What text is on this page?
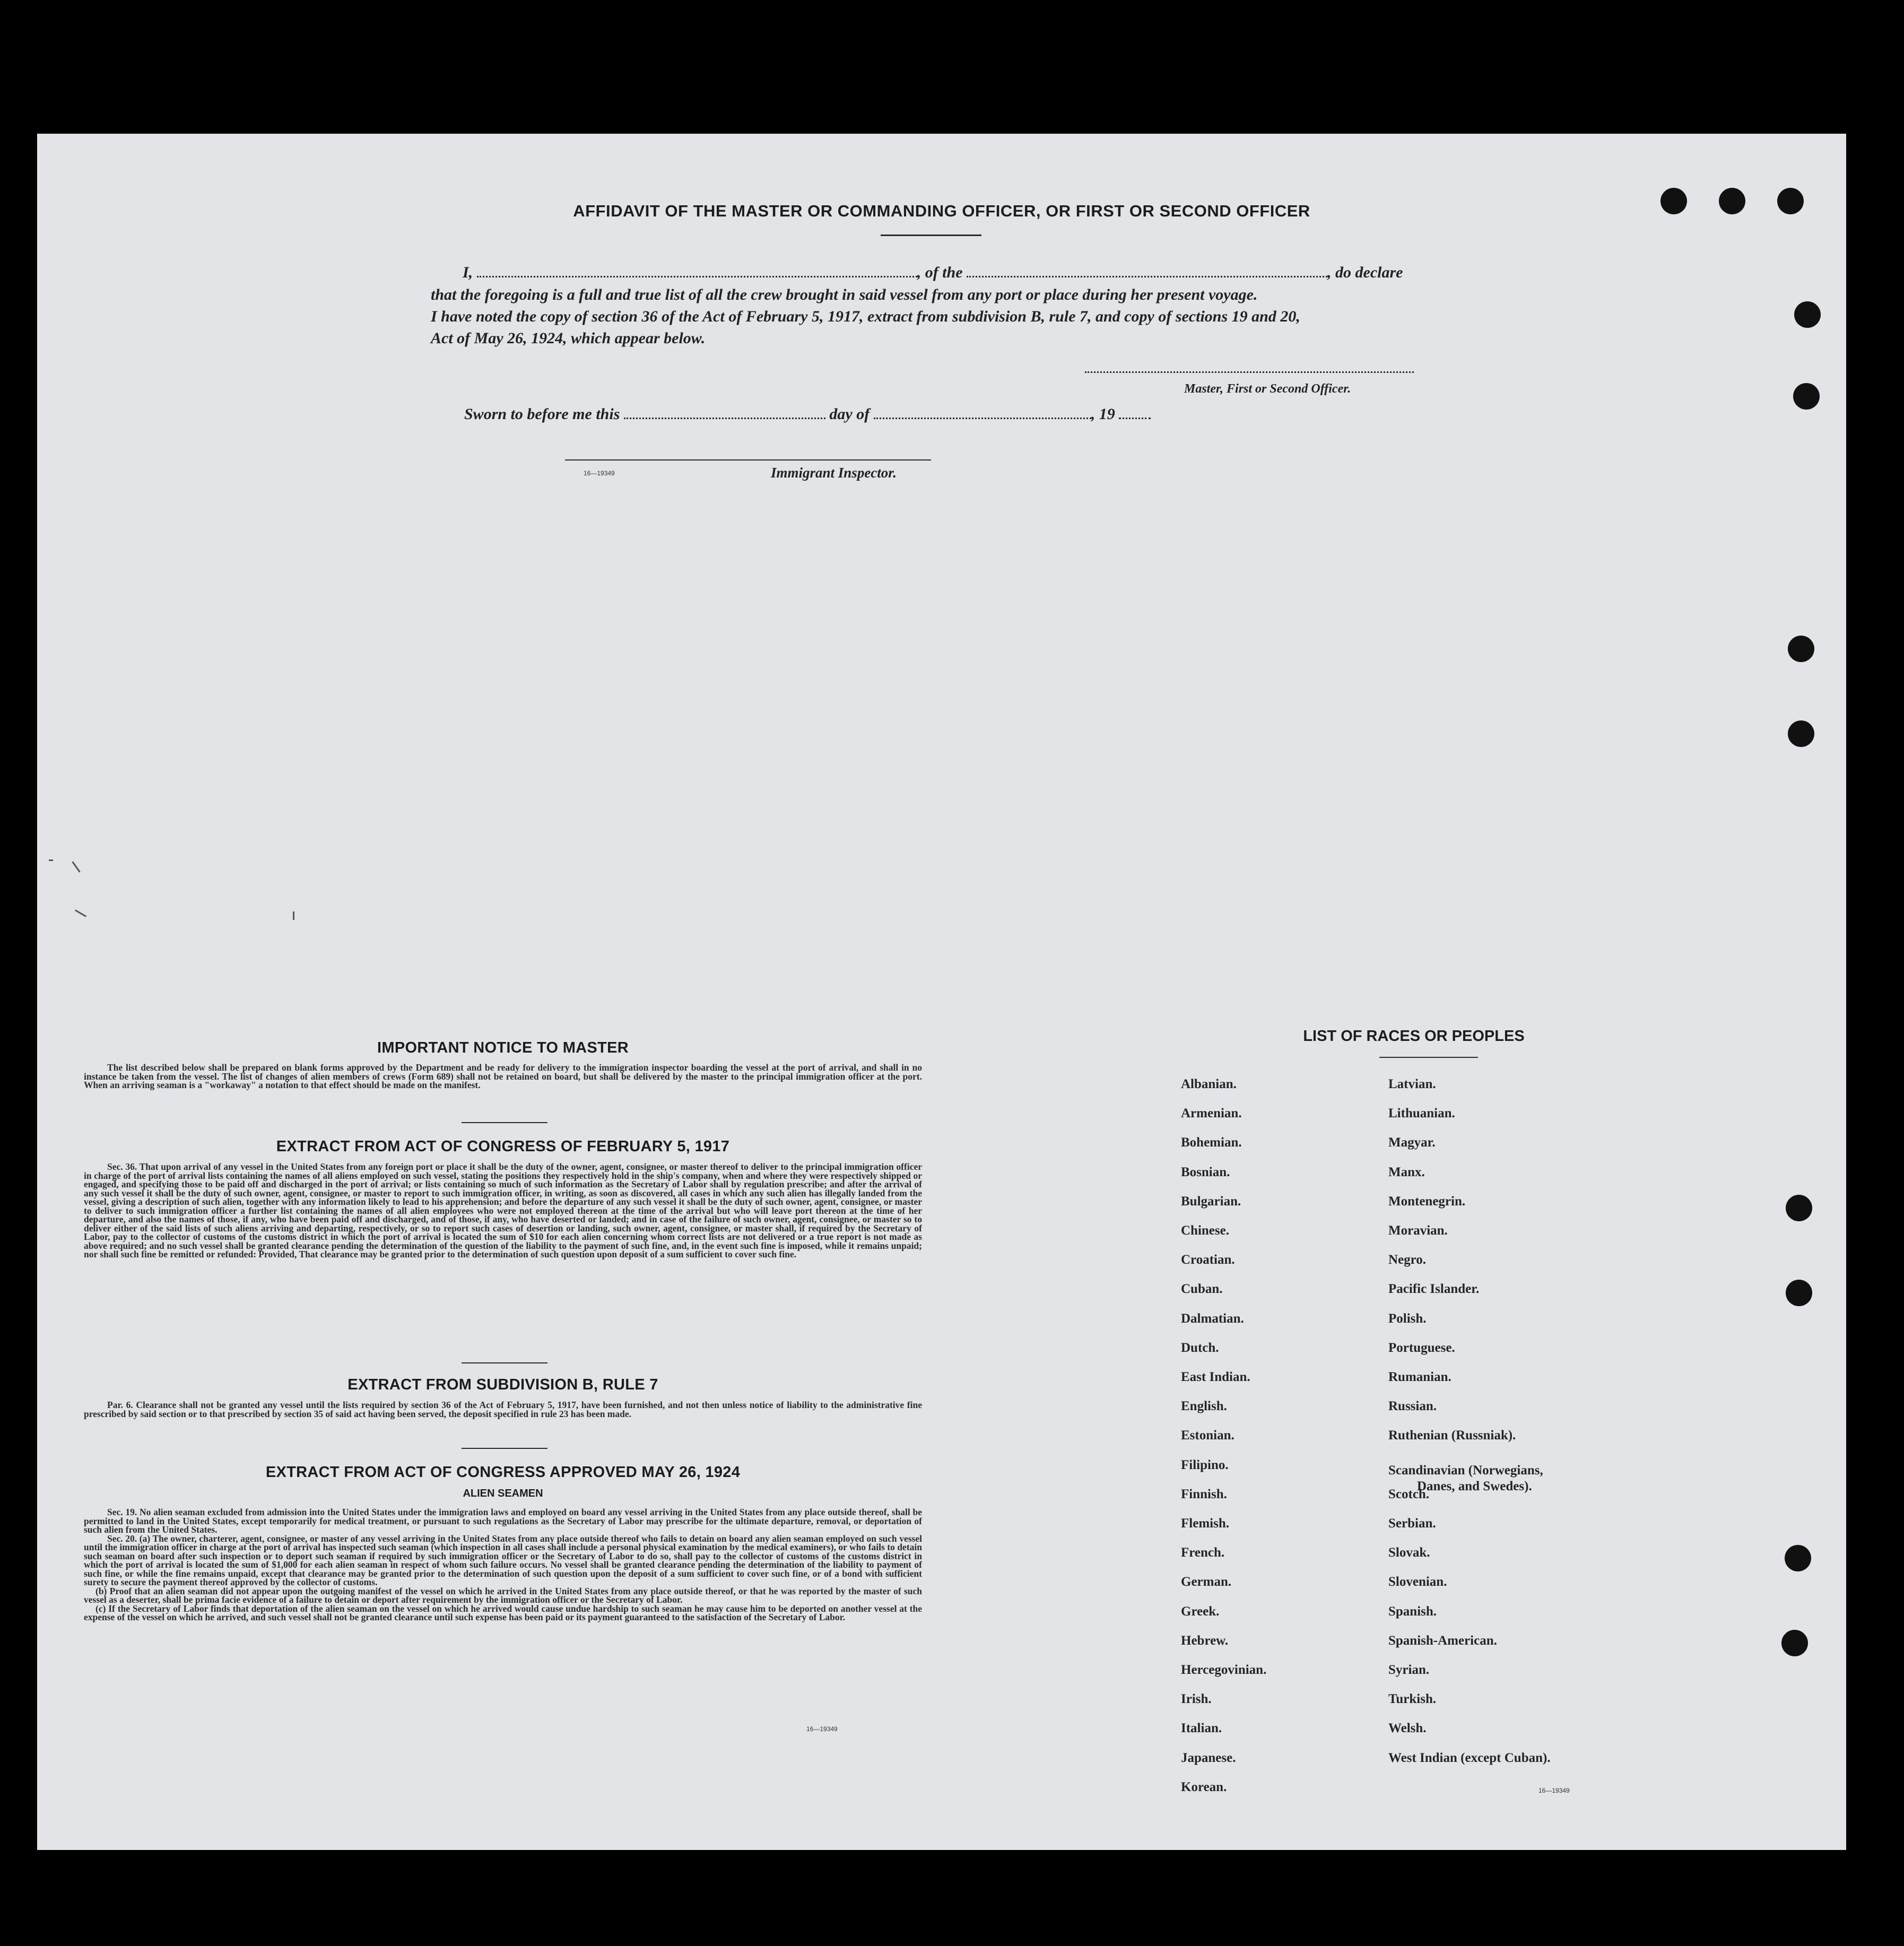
AFFIDAVIT OF THE MASTER OR COMMANDING OFFICER, OR FIRST OR SECOND OFFICER
I,	, of the	, do declare
that the foregoing is a full and true list of all the crew brought in said vessel from any port or place during her present voyage.
I have noted the copy of section 36 of the Act of February 5, 1917, extract from subdivision B, rule 7, and copy of sections 19 and 20,
Act of May 26, 1924, which appear below.
Master, First or Second Officer.
Sworn to before me this	day of	, 19
16—19349	Immigrant Inspector.
IMPORTANT NOTICE TO MASTER
The list described below shall be prepared on blank forms approved by the Department and be ready for delivery to the immigration inspector boarding the vessel at the port of arrival, and shall in no instance be taken from the vessel. The list of changes of alien members of crews (Form 689) shall not be retained on board, but shall be delivered by the master to the principal immigration officer at the port. When an arriving seaman is a "workaway" a notation to that effect should be made on the manifest.
EXTRACT FROM ACT OF CONGRESS OF FEBRUARY 5, 1917
Sec. 36. That upon arrival of any vessel in the United States from any foreign port or place it shall be the duty of the owner, agent, consignee, or master thereof to deliver to the principal immigration officer in charge of the port of arrival lists containing the names of all aliens employed on such vessel, stating the positions they respectively hold in the ship's company, when and where they were respectively shipped or engaged, and specifying those to be paid off and discharged in the port of arrival; or lists containing so much of such information as the Secretary of Labor shall by regulation prescribe; and after the arrival of any such vessel it shall be the duty of such owner, agent, consignee, or master to report to such immigration officer, in writing, as soon as discovered, all cases in which any such alien has illegally landed from the vessel, giving a description of such alien, together with any information likely to lead to his apprehension; and before the departure of any such vessel it shall be the duty of such owner, agent, consignee, or master to deliver to such immigration officer a further list containing the names of all alien employees who were not employed thereon at the time of the arrival but who will leave port thereon at the time of her departure, and also the names of those, if any, who have been paid off and discharged, and of those, if any, who have deserted or landed; and in case of the failure of such owner, agent, consignee, or master so to deliver either of the said lists of such aliens arriving and departing, respectively, or so to report such cases of desertion or landing, such owner, agent, consignee, or master shall, if required by the Secretary of Labor, pay to the collector of customs of the customs district in which the port of arrival is located the sum of $10 for each alien concerning whom correct lists are not delivered or a true report is not made as above required; and no such vessel shall be granted clearance pending the determination of the question of the liability to the payment of such fine, and, in the event such fine is imposed, while it remains unpaid; nor shall such fine be remitted or refunded: Provided, That clearance may be granted prior to the determination of such question upon deposit of a sum sufficient to cover such fine.
EXTRACT FROM SUBDIVISION B, RULE 7
Par. 6. Clearance shall not be granted any vessel until the lists required by section 36 of the Act of February 5, 1917, have been furnished, and not then unless notice of liability to the administrative fine prescribed by said section or to that prescribed by section 35 of said act having been served, the deposit specified in rule 23 has been made.
EXTRACT FROM ACT OF CONGRESS APPROVED MAY 26, 1924
ALIEN SEAMEN
Sec. 19. No alien seaman excluded from admission into the United States under the immigration laws and employed on board any vessel arriving in the United States from any place outside thereof, shall be permitted to land in the United States, except temporarily for medical treatment, or pursuant to such regulations as the Secretary of Labor may prescribe for the ultimate departure, removal, or deportation of such alien from the United States.
Sec. 20. (a) The owner, charterer, agent, consignee, or master of any vessel arriving in the United States from any place outside thereof who fails to detain on board any alien seaman employed on such vessel until the immigration officer in charge at the port of arrival has inspected such seaman (which inspection in all cases shall include a personal physical examination by the medical examiners), or who fails to detain such seaman on board after such inspection or to deport such seaman if required by such immigration officer or the Secretary of Labor to do so, shall pay to the collector of customs of the customs district in which the port of arrival is located the sum of $1,000 for each alien seaman in respect of whom such failure occurs. No vessel shall be granted clearance pending the determination of the liability to payment of such fine, or while the fine remains unpaid, except that clearance may be granted prior to the determination of such question upon the deposit of a sum sufficient to cover such fine, or of a bond with sufficient surety to secure the payment thereof approved by the collector of customs.
(b) Proof that an alien seaman did not appear upon the outgoing manifest of the vessel on which he arrived in the United States from any place outside thereof, or that he was reported by the master of such vessel as a deserter, shall be prima facie evidence of a failure to detain or deport after requirement by the immigration officer or the Secretary of Labor.
(c) If the Secretary of Labor finds that deportation of the alien seaman on the vessel on which he arrived would cause undue hardship to such seaman he may cause him to be deported on another vessel at the expense of the vessel on which he arrived, and such vessel shall not be granted clearance until such expense has been paid or its payment guaranteed to the satisfaction of the Secretary of Labor.
16—19349
LIST OF RACES OR PEOPLES
16—19349
Albanian.
Armenian.
Bohemian.
Bosnian.
Bulgarian.
Chinese.
Croatian.
Cuban.
Dalmatian.
Dutch.
East Indian.
English.
Estonian.
Filipino.
Finnish.
Flemish.
French.
German.
Greek.
Hebrew.
Hercegovinian.
Irish.
Italian.
Japanese.
Korean.
Latvian.
Lithuanian.
Magyar.
Manx.
Montenegrin.
Moravian.
Negro.
Pacific Islander.
Polish.
Portuguese.
Rumanian.
Russian.
Ruthenian (Russniak).
Scandinavian (Norwegians,
Danes, and Swedes).
Scotch.
Serbian.
Slovak.
Slovenian.
Spanish.
Spanish-American.
Syrian.
Turkish.
Welsh.
West Indian (except Cuban).
